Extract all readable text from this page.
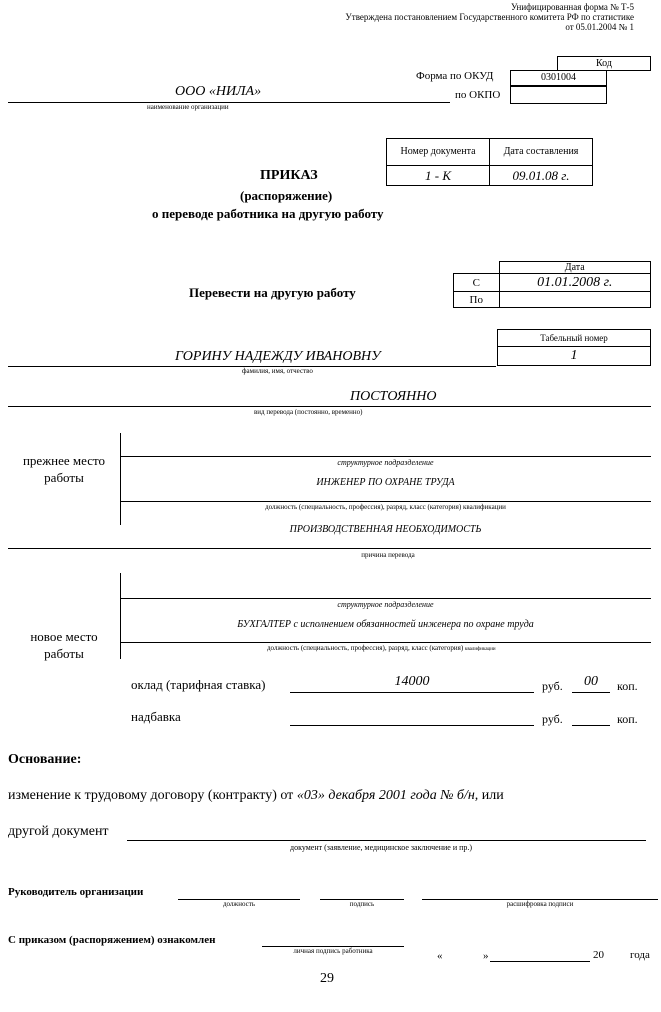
Унифицированная форма № Т-5
Утверждена постановлением Государственного комитета РФ по статистике
от 05.01.2004 № 1
Код
Форма по ОКУД	0301004
по ОКПО
ООО «НИЛА»
наименование организации
Номер документа	Дата составления
1 - К	09.01.08 г.
ПРИКАЗ
(распоряжение)
о переводе работника на другую работу
Перевести на другую работу
	Дата
С	01.01.2008 г.
По	
Табельный номер
1
ГОРИНУ НАДЕЖДУ ИВАНОВНУ
фамилия, имя, отчество
ПОСТОЯННО
вид перевода (постоянно, временно)
прежнее место
работы
структурное подразделение
ИНЖЕНЕР ПО ОХРАНЕ ТРУДА
должность (специальность, профессия), разряд, класс (категория) квалификации
ПРОИЗВОДСТВЕННАЯ НЕОБХОДИМОСТЬ
причина перевода
новое место
работы
структурное подразделение
БУХГАЛТЕР с исполнением обязанностей инженера по охране труда
должность (специальность, профессия), разряд, класс (категория) квалификации
оклад (тарифная ставка)	14000	руб.	00	коп.
надбавка	руб.	коп.
Основание:
изменение к трудовому договору (контракту) от «03» декабря 2001 года № б/н, или
другой документ
документ (заявление, медицинское заключение и пр.)
Руководитель организации
должность	подпись	расшифровка подписи
С приказом (распоряжением) ознакомлен
личная подпись работника	«	»	20 года
29
